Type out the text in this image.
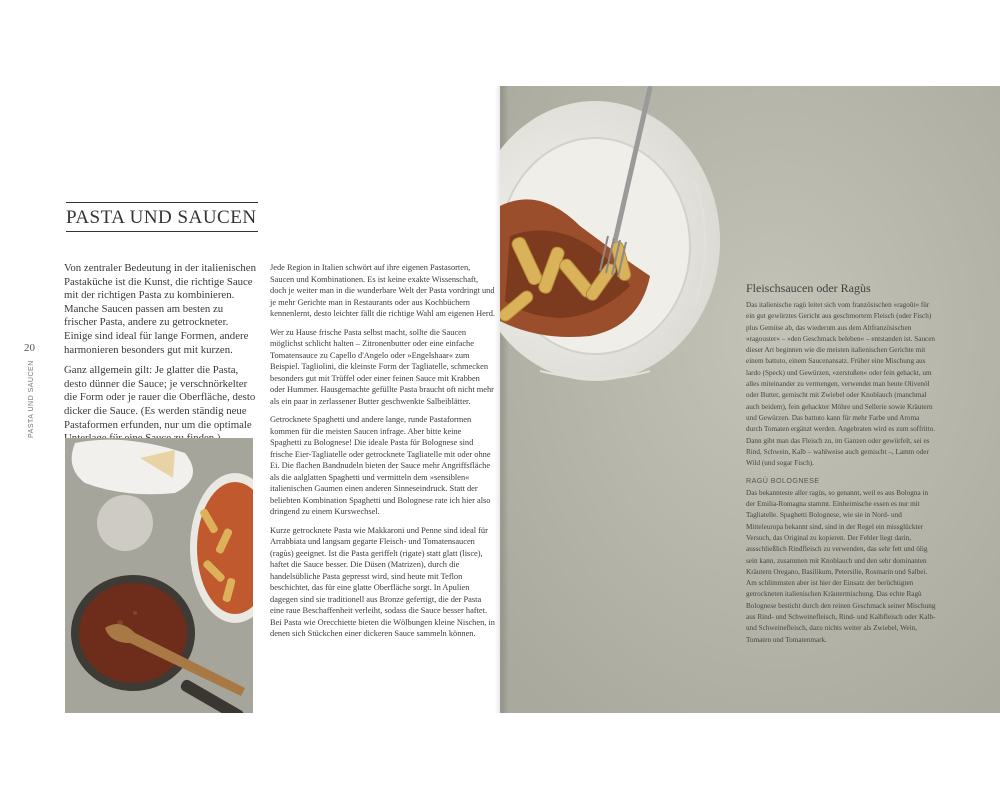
20
PASTA UND SAUCEN
PASTA UND SAUCEN

Von zentraler Bedeutung in der italienischen Pastaküche ist die Kunst, die richtige Sauce mit der richtigen Pasta zu kombinieren. Manche Saucen passen am besten zu frischer Pasta, andere zu getrockneter. Einige sind ideal für lange Formen, andere harmonieren besonders gut mit kurzen.

Ganz allgemein gilt: Je glatter die Pasta, desto dünner die Sauce; je verschnörkelter die Form oder je rauer die Oberfläche, desto dicker die Sauce. (Es werden ständig neue Pastaformen erfunden, nur um die optimale

Jede Region in Italien schwört auf ihre eigenen Pastasorten, Saucen und Kombinationen. Es ist keine exakte Wissenschaft, doch je weiter man in die wunderbare Welt der Pasta vordringt und je mehr Gerichte man in Restaurants oder aus Kochbüchern kennenlernt, desto leichter fällt die richtige Wahl am eigenen Herd.

Wer zu Hause frische Pasta selbst macht, sollte die Saucen möglichst schlicht halten – Zitronenbutter oder eine einfache Tomatensauce zu Capello d'Angelo oder »Engelshaar« zum Beispiel. Tagliolini, die kleinste Form der Tagliatelle, schmecken besonders gut mit Trüffel oder einer feinen Sauce mit Krabben oder Hummer. Hausgemachte gefüllte Pasta braucht oft nicht mehr als ein paar in zerlassener Butter geschwenkte Salbeiblätter.

Getrocknete Spaghetti und andere lange, runde Pastaformen kommen für die meisten Saucen infrage. Aber bitte keine Spaghetti zu Bolognese! Die ideale Pasta für Bolognese sind frische Eier-Tagliatelle oder getrocknete Tagliatelle mit oder ohne Ei. Die flachen Bandnudeln bieten der Sauce mehr Angriffsfläche als die aalglatten Spaghetti und vermitteln dem »sensiblen« italienischen Gaumen einen anderen Sinneseindruck. Statt der beliebten Kombination Spaghetti und Bolognese rate ich hier also dringend zu einem Kurswechsel.

Kurze getrocknete Pasta wie Makkaroni und Penne sind ideal für Arrabbiata und langsam gegarte Fleisch- und Tomatensaucen (ragùs) geeignet. Ist die Pasta geriffelt (rigate) statt glatt (lisce), haftet die Sauce besser. Die Düsen (Matrizen), durch die handelsübliche Pasta gepresst wird, sind heute mit Teflon beschichtet, das für eine glatte Oberfläche sorgt. In Apulien dagegen sind sie traditionell aus Bronze gefertigt, die der Pasta eine raue Beschaffenheit verleiht, sodass die Sauce besser haftet. Bei Pasta wie Orecchiette bieten die Wölbungen kleine Nischen, in denen sich Stückchen einer dickeren Sauce sammeln können.

Fleischsaucen oder Ragùs

Das italienische ragù leitet sich vom französischen »ragoût« für ein gut gewürztes Gericht aus geschmortem Fleisch (oder Fisch) plus Gemüse ab, das wiederum aus dem Altfranzösischen »ragouster« – »den Geschmack beleben« – entstanden ist. Saucen dieser Art beginnen wie die meisten italienischen Gerichte mit einem battuto, einem Saucenansatz. Früher eine Mischung aus lardo (Speck) und Gewürzen, »zerstoßen« oder fein gehackt, um alles miteinander zu vermengen, verwendet man heute Olivenöl oder Butter, gemischt mit Zwiebel oder Knoblauch (manchmal auch beidem), fein gehackter Möhre und Sellerie sowie Kräutern und Gewürzen. Das battuto kann für mehr Farbe und Aroma durch Tomaten ergänzt werden. Angebraten wird es zum soffritto. Dann gibt man das Fleisch zu, im Ganzen oder gewürfelt, sei es Rind, Schwein, Kalb – wahlweise auch gemischt –, Lamm oder Wild (und sogar Fisch).

RAGÙ BOLOGNESE

Das bekannteste aller ragùs, so genannt, weil es aus Bologna in der Emilia-Romagna stammt. Einheimische essen es nur mit Tagliatelle. Spaghetti Bolognese, wie sie in Nord- und Mitteleuropa bekannt sind, sind in der Regel ein missglückter Versuch, das Original zu kopieren. Der Fehler liegt darin, ausschließlich Rindfleisch zu verwenden, das sehr fett und ölig sein kann, zusammen mit Knoblauch und den sehr dominanten Kräutern Oregano, Basilikum, Petersilie, Rosmarin und Salbei. Am schlimmsten aber ist hier der Einsatz der berüchtigten getrockneten italienischen Kräutermischung. Das echte Ragù Bolognese besticht durch den reinen Geschmack seiner Mischung aus Rind- und Schweinefleisch, Rind- und Kalbfleisch oder Kalb- und Schweinefleisch, dazu nichts weiter als Zwiebel, Wein, Tomaten und Tomatenmark.
